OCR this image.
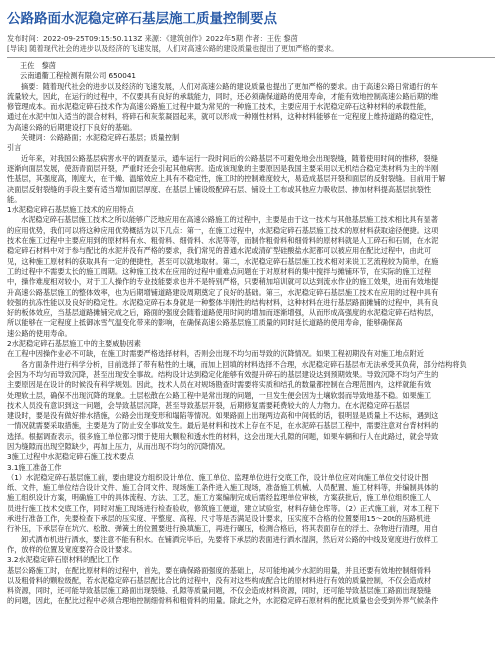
公路路面水泥稳定碎石基层施工质量控制要点
发布时间：2022-09-25T09:15:50.113Z 来源：《建筑创作》2022年5期 作者：王佐 黎茵
[导读] 随着现代社会的进步以及经济的飞速发展，人们对高速公路的建设质量也提出了更加严格的要求。
王佐　黎茵
云南通衢工程检测有限公司 650041
摘要：随着现代社会的进步以及经济的飞速发展，人们对高速公路的建设质量也提出了更加严格的要求。由于高速公路日常通行的车
流量较大，因此，在运行的过程中，不仅要具有良好的承载能力，同时，还必须确保道路的使用寿命，才能有效地控制高速公路后期的维
修管理成本。而水泥稳定碎石技术作为高速公路施工过程中最为常见的一种施工技术，主要应用于水泥稳定碎石这种材料的承载性能，
通过在水泥中加入适当的混合材料，将碎石和灰浆凝固起来，就可以形成一种刚性材料，这种材料能够在一定程度上维持道路的稳定性，
为高速公路的后期建设打下良好的基础。
关键词：公路路面；水泥稳定碎石基层；质量控制
引言
近年来，对我国公路基层病害水平的调查显示，通车运行一段时间后的公路基层不可避免地会出现裂缝，随着使用时间的推移，裂缝
逐渐向面层发展，使沥青面层开裂，严重时还会引起其他病害。造成该现象的主要原因是我国主要采用以无机结合稳定类材料为主的半刚
性基层，其强度高，刚度大，在干燥、温缩效应上具有不稳定性，施工时的控制难度较大，易造成基层开裂和面层的反射裂缝。目前用于解
决面层反射裂缝的手段主要有适当增加面层厚度、在基层上铺设级配碎石层、铺设土工布或其他应力吸收层、掺加材料提高基层抗裂性
能。
1水泥稳定碎石基层施工技术的应用特点
水泥稳定碎石基层施工技术之所以能够广泛地应用在高速公路施工的过程中，主要是由于这一技术与其他基层施工技术相比具有显著
的应用优势，我们可以将这种应用优势概括为以下几点：第一，在施工过程中，水泥稳定碎石基层施工技术的原材料获取途径便捷。这项
技术在施工过程中主要应用到的原材料有水、粗骨料、细骨料、水泥等等，而制作粗骨料和细骨料的原材料就是人工碎石和石屑，在水泥
稳定碎石材料中对于参与配比的水泥并没有严格的要求，我们常见的普通水泥或清矿型硅酸盐水泥都可以被应用在配比过程中，由此可
见，这种施工原材料的获取具有一定的便捷性，甚至可以就地取材。第二，水泥稳定碎石基层施工技术相对来说工艺流程较为简单，在施
工的过程中不需要太长的施工周期。这种施工技术在应用的过程中重难点问题在于对原材料的集中搅拌与摊铺环节，在实际的施工过程
中，操作难度相对较小，对于工人操作的专业技能要求也并不是特别严格，只要稍加培训就可以达到流水作业的施工效果，进而有效地提
升高速公路基层施工的整体效率，也为后期增铺道路建设周期奠定了良好的基础。第三，水泥稳定碎石基层施工技术在应用的过程中具有
较强的抗冻性能以及良好的稳定性。水泥稳定碎石本身就是一种整体半刚性的结构材料，这种材料在进行基层路面摊铺的过程中，具有良
好的板体效应，当基层道路摊铺完成之后，路面的强度会随着道路使用时间的增加而逐渐增强，从而形成高强度的水泥稳定碎石结构层，
所以能够在一定程度上抵御冰雪气温变化带来的影响，在确保高速公路基层施工质量的同时延长道路的使用寿命，能够确保高
速公路的使用寿命。
2水泥稳定碎石基层施工中的主要威胁因素
在工程中因操作业必不可缺，在施工时需要严格选择材料，否则会出现不均匀而导致的沉降情况。如果工程初期没有对施工地点附近
各方面条件进行科学分析，目前选择了带有粘性的土壤，而加上回填的材料选择不合理，水泥稳定碎石基层布无法承受其负荷，部分结构将负
会因为不均匀而导致沉降，甚至出现安全事故。结构设计达到稳定化能够有效提升碎石的基层建设达到预期效果。导致沉降不均匀产生的
主要原因是在设计的时候没有科学规划。因此，技术人员在对规场勘查时需要将实质和结孔的数量都控制在合理范围内，这样就能有效
处理软土层，确保不出现沉降的现象。土层松散在公路工程中是常出现的问题，一旦发生便会因为土壤软弱而导致地基不稳。如果施工
技术人员没有意识到这一问题，会导致基层沉降，甚至导致基层开裂，后期修复需要耗费较大的人力物力。在水泥稳定碎石基层
建设时，要是没有做好排水措施，公路会出现变形和塌陷等情况。如果路面上出现两边高和中间低的话，很明显是质量上不达标，遇到这
一情况就需要采取措施，主要是为了防止安全事故发生。最后是材料和技术上存在不足，在水泥碎石基层工程中，需要注意对台背材料的
选择。根据调查表示，很多施工单位都习惯于使用大颗粒和透水性的材料，这会出现大孔隙的问题，如果车辆和行人在此路过，就会导致
因为缝隙而出现空隙缺少，再加上压力，从而出现不均匀的沉降情况。
3施工过程中水泥稳定碎石施工技术要点
3.1施工准备工作
（1）水泥稳定碎石基层施工前，要由建设方组织设计单位、施工单位、监理单位进行交底工作，设计单位应对向施工单位交付设计图
纸、文件，施工单位结合设计文件、施工合同文件、现场施工条件进入施工现场，准备施工机械、人员配置、施工材料等，并编制具体的
施工组织设计方案，明确施工中的具体流程、方法、工艺，施工方案编制完成后需经监理单位审核，方案获批后，施工单位组织施工人
员进行施工技术交底工作，同时对施工现场进行检查验收，修筑施工便道，建立试验室，材料存储仓库等。（2）正式施工前，对本工程下
承进行准备工作，先要检查下承层的压实度、平整度、高程、尺寸等是否满足设计要求，压实度不合格的位置要用15～20t的压路机进
行补压，下承层存在坑穴、松散、弹簧土的位置要进行换填施工，再进行碾压，检测合格后，将其表面存在的浮土、杂物进行清理，用自
卸式洒布机进行洒水，要注意不能有积水。在铺洒完毕后，先要将下承层的表面进行洒水湿润，然后对公路的中线及宽度进行放样工
作，放样的位置及宽度要符合设计要求。
3.2水泥稳定碎石原材料的配比工作
基层公路施工时，在配比原材料的过程中，首先，要在确保路面强度的基础上，尽可能地减少水泥的用量，并且还要有效地控制细骨料
以及粗骨料的颗粒级配，若水泥稳定碎石基层配比合比的过程中，没有对这些构成配合比的原材料进行有效的质量控制，不仅会造成材
料资源，同时，还可能导致基层施工路面出现裂缝、孔隙等质量问题，不仅会造成材料资源，同时，还可能导致基层施工路面出现裂缝
的问题，因此，在配比过程中必须合理地控制细骨料和粗骨料的用量。除此之外，水泥稳定碎石原材料的配比质量也会受到外界气候条件
